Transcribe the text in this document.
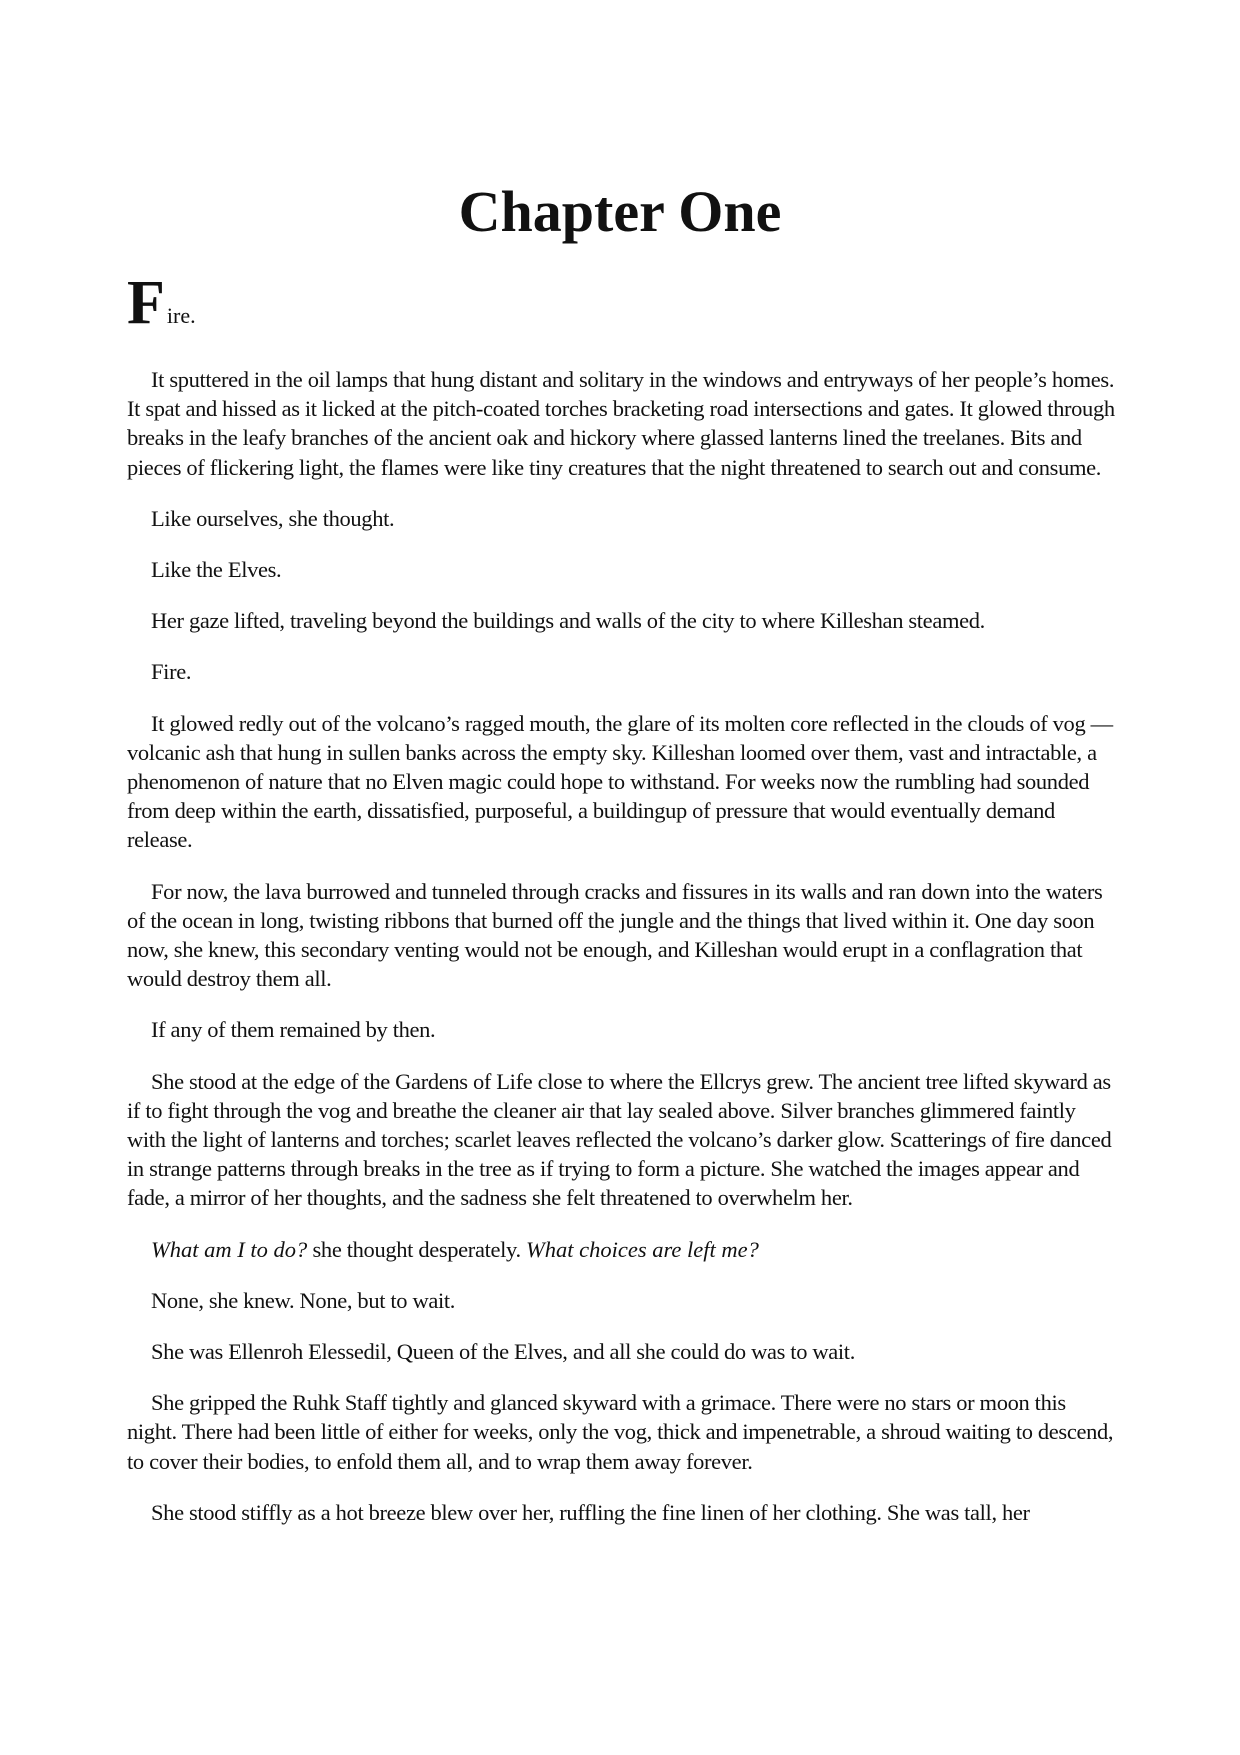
Chapter One
Fire.

It sputtered in the oil lamps that hung distant and solitary in the windows and entryways of her people’s homes. It spat and hissed as it licked at the pitch-coated torches bracketing road intersections and gates. It glowed through breaks in the leafy branches of the ancient oak and hickory where glassed lanterns lined the treelanes. Bits and pieces of flickering light, the flames were like tiny creatures that the night threatened to search out and consume.

Like ourselves, she thought.

Like the Elves.

Her gaze lifted, traveling beyond the buildings and walls of the city to where Killeshan steamed.

Fire.

It glowed redly out of the volcano’s ragged mouth, the glare of its molten core reflected in the clouds of vog — volcanic ash that hung in sullen banks across the empty sky. Killeshan loomed over them, vast and intractable, a phenomenon of nature that no Elven magic could hope to withstand. For weeks now the rumbling had sounded from deep within the earth, dissatisfied, purposeful, a buildingup of pressure that would eventually demand release.

For now, the lava burrowed and tunneled through cracks and fissures in its walls and ran down into the waters of the ocean in long, twisting ribbons that burned off the jungle and the things that lived within it. One day soon now, she knew, this secondary venting would not be enough, and Killeshan would erupt in a conflagration that would destroy them all.

If any of them remained by then.

She stood at the edge of the Gardens of Life close to where the Ellcrys grew. The ancient tree lifted skyward as if to fight through the vog and breathe the cleaner air that lay sealed above. Silver branches glimmered faintly with the light of lanterns and torches; scarlet leaves reflected the volcano’s darker glow. Scatterings of fire danced in strange patterns through breaks in the tree as if trying to form a picture. She watched the images appear and fade, a mirror of her thoughts, and the sadness she felt threatened to overwhelm her.

What am I to do? she thought desperately. What choices are left me?

None, she knew. None, but to wait.

She was Ellenroh Elessedil, Queen of the Elves, and all she could do was to wait.

She gripped the Ruhk Staff tightly and glanced skyward with a grimace. There were no stars or moon this night. There had been little of either for weeks, only the vog, thick and impenetrable, a shroud waiting to descend, to cover their bodies, to enfold them all, and to wrap them away forever.

She stood stiffly as a hot breeze blew over her, ruffling the fine linen of her clothing. She was tall, her
